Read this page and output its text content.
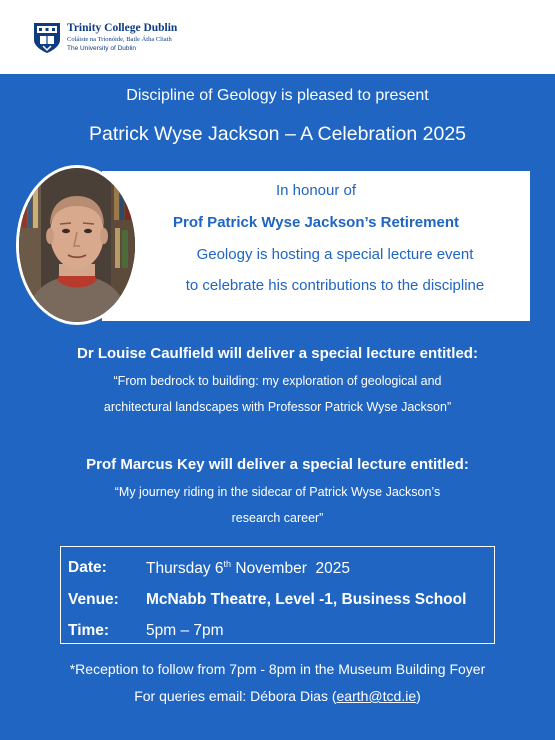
Trinity College Dublin
Coláiste na Tríonóide, Baile Átha Cliath
The University of Dublin
Discipline of Geology is pleased to present
Patrick Wyse Jackson – A Celebration 2025
In honour of
Prof Patrick Wyse Jackson’s Retirement
Geology is hosting a special lecture event
to celebrate his contributions to the discipline
Dr Louise Caulfield will deliver a special lecture entitled:
“From bedrock to building: my exploration of geological and
architectural landscapes with Professor Patrick Wyse Jackson”
Prof Marcus Key will deliver a special lecture entitled:
“My journey riding in the sidecar of Patrick Wyse Jackson’s
research career”
Date:	Thursday 6th November  2025
Venue: McNabb Theatre, Level -1, Business School
Time: 5pm – 7pm
*Reception to follow from 7pm - 8pm in the Museum Building Foyer
For queries email: Débora Dias (earth@tcd.ie)
